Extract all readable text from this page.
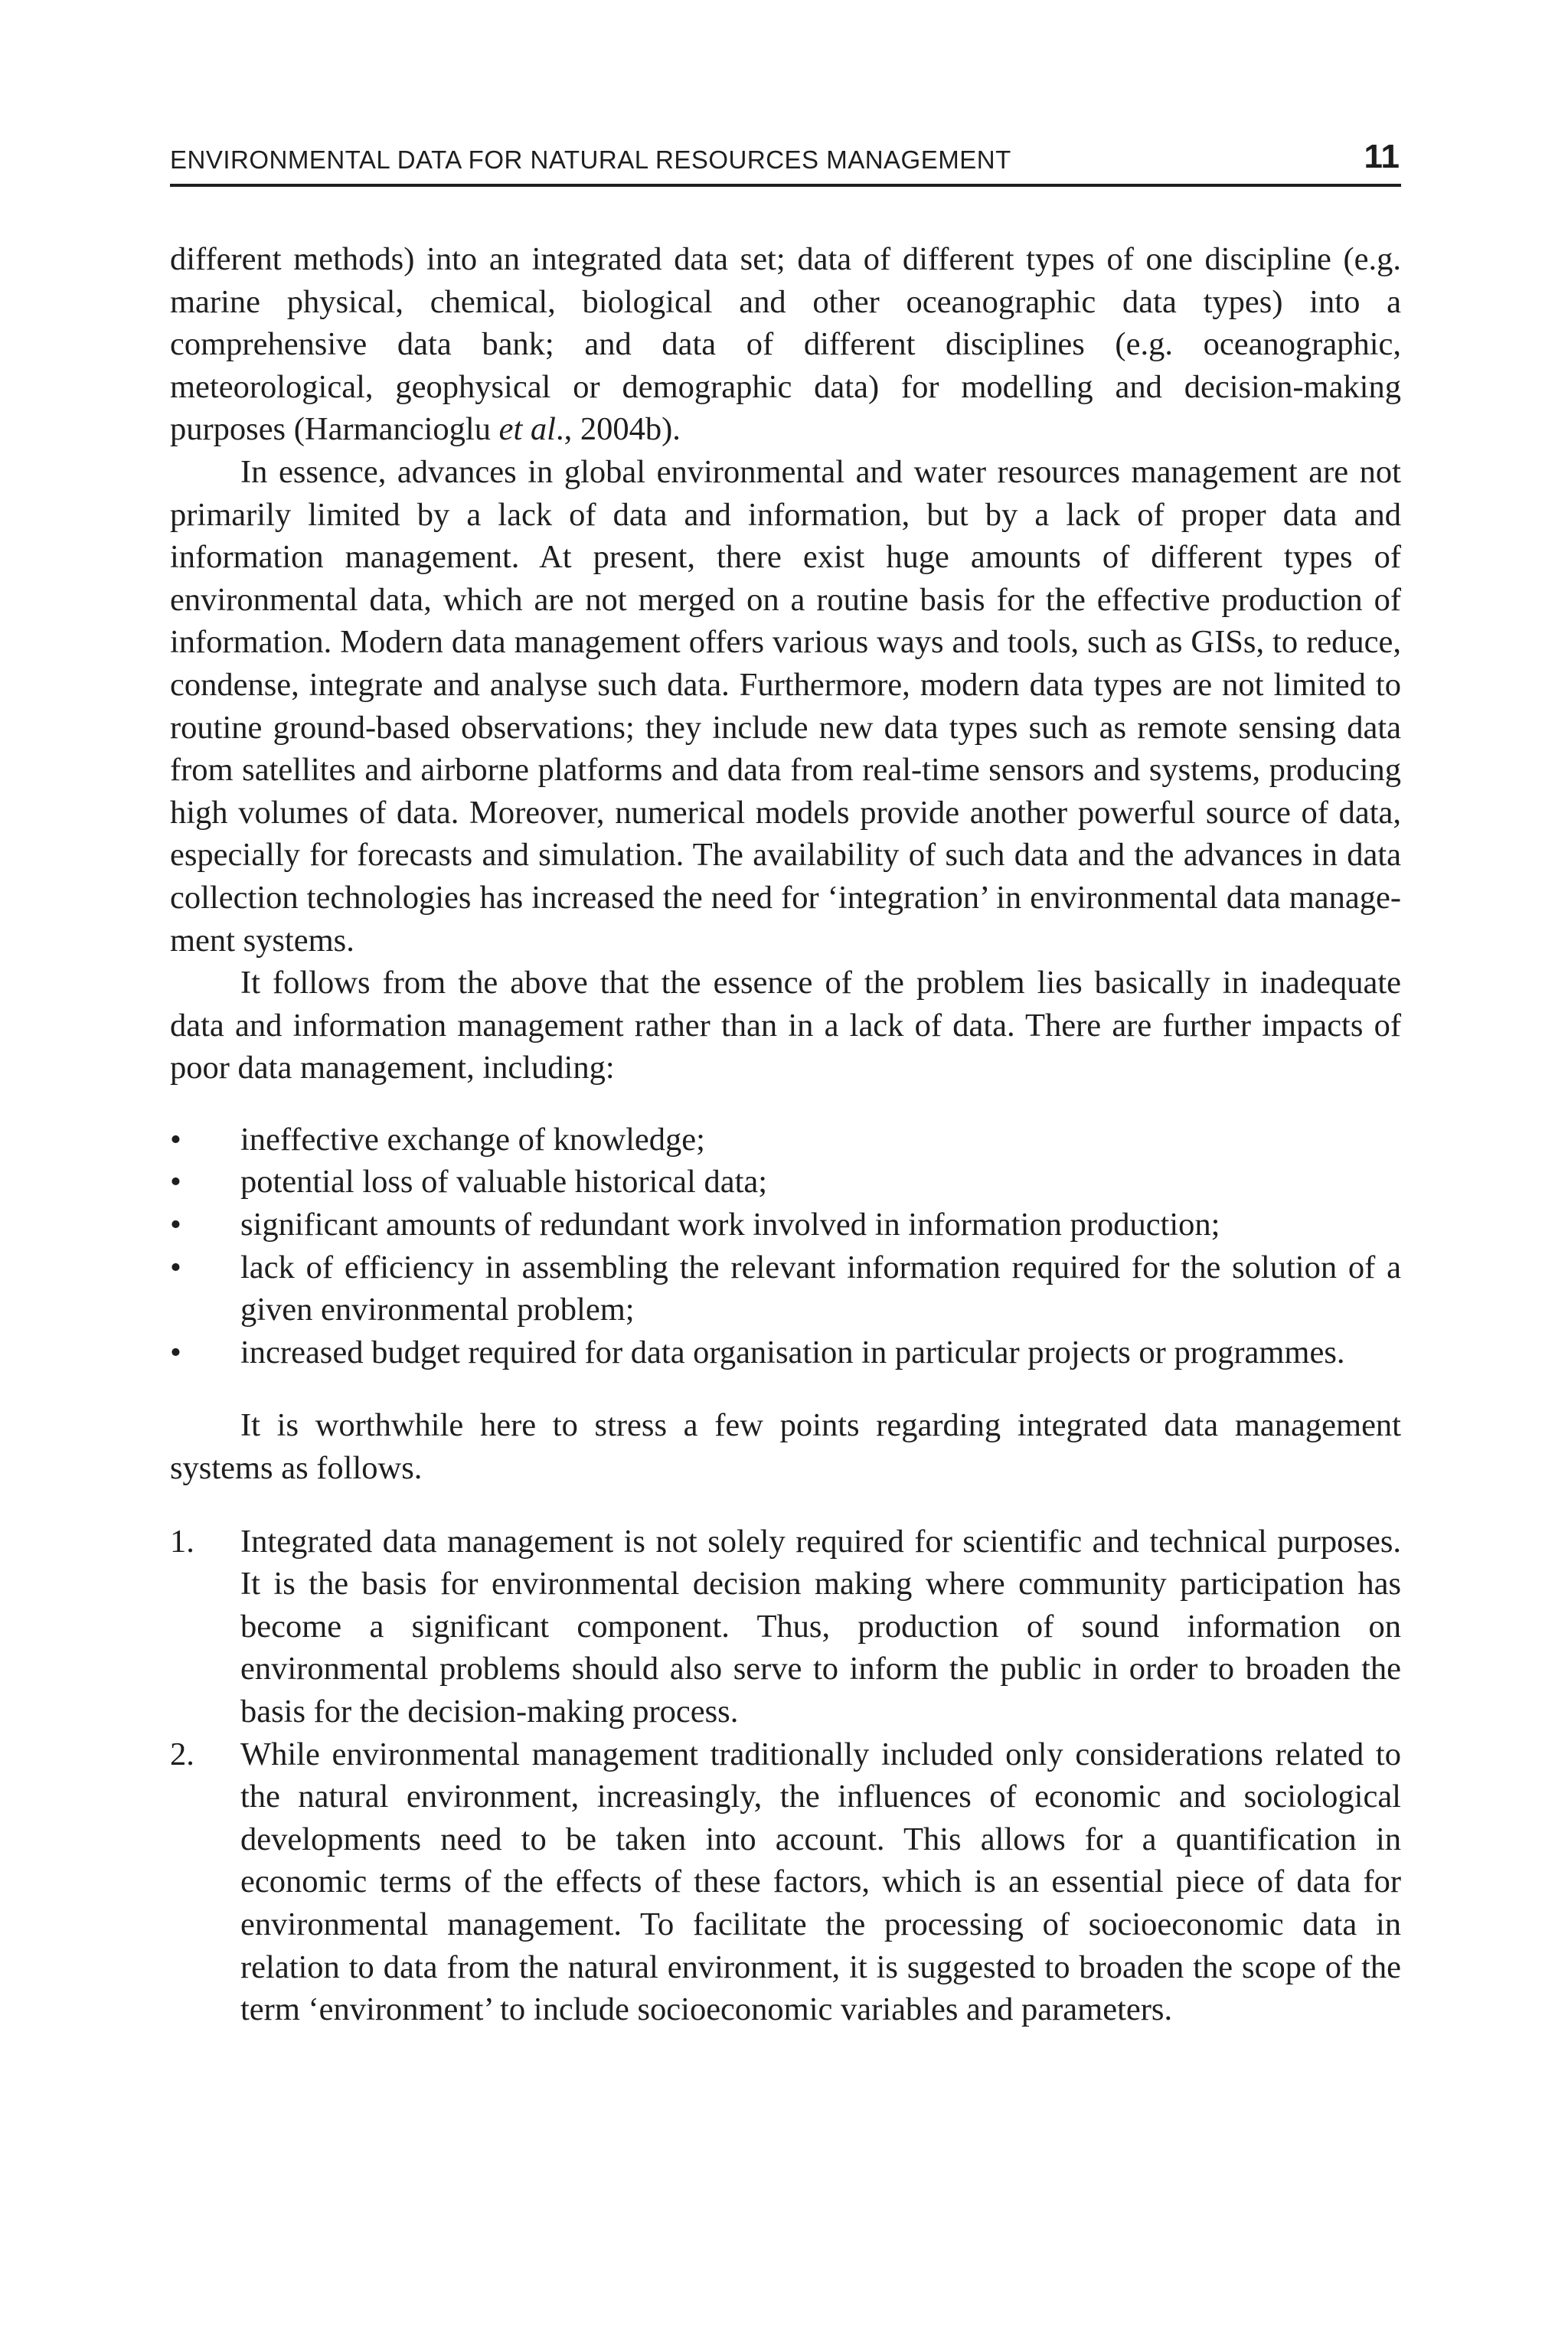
ENVIRONMENTAL DATA FOR NATURAL RESOURCES MANAGEMENT	11

different methods) into an integrated data set; data of different types of one discipline (e.g. marine physical, chemical, biological and other oceanographic data types) into a comprehensive data bank; and data of different disciplines (e.g. oceanographic, meteorological, geophysical or demographic data) for modelling and decision-making purposes (Harmancioglu et al., 2004b).

In essence, advances in global environmental and water resources management are not primarily limited by a lack of data and information, but by a lack of proper data and information management. At present, there exist huge amounts of different types of environmental data, which are not merged on a routine basis for the effective production of information. Modern data management offers various ways and tools, such as GISs, to reduce, condense, integrate and analyse such data. Furthermore, modern data types are not limited to routine ground-based observations; they include new data types such as remote sensing data from satellites and airborne platforms and data from real-time sensors and systems, producing high volumes of data. Moreover, numerical models provide another powerful source of data, especially for forecasts and simulation. The availability of such data and the advances in data collection technologies has increased the need for ‘integration’ in environmental data management systems.

It follows from the above that the essence of the problem lies basically in inadequate data and information management rather than in a lack of data. There are further impacts of poor data management, including:

• ineffective exchange of knowledge;
• potential loss of valuable historical data;
• significant amounts of redundant work involved in information production;
• lack of efficiency in assembling the relevant information required for the solution of a given environmental problem;
• increased budget required for data organisation in particular projects or programmes.

It is worthwhile here to stress a few points regarding integrated data management systems as follows.

1. Integrated data management is not solely required for scientific and technical purposes. It is the basis for environmental decision making where community participation has become a significant component. Thus, production of sound information on environmental problems should also serve to inform the public in order to broaden the basis for the decision-making process.
2. While environmental management traditionally included only considerations related to the natural environment, increasingly, the influences of economic and sociological developments need to be taken into account. This allows for a quantification in economic terms of the effects of these factors, which is an essential piece of data for environmental management. To facilitate the processing of socioeconomic data in relation to data from the natural environment, it is suggested to broaden the scope of the term ‘environment’ to include socioeconomic variables and parameters.
